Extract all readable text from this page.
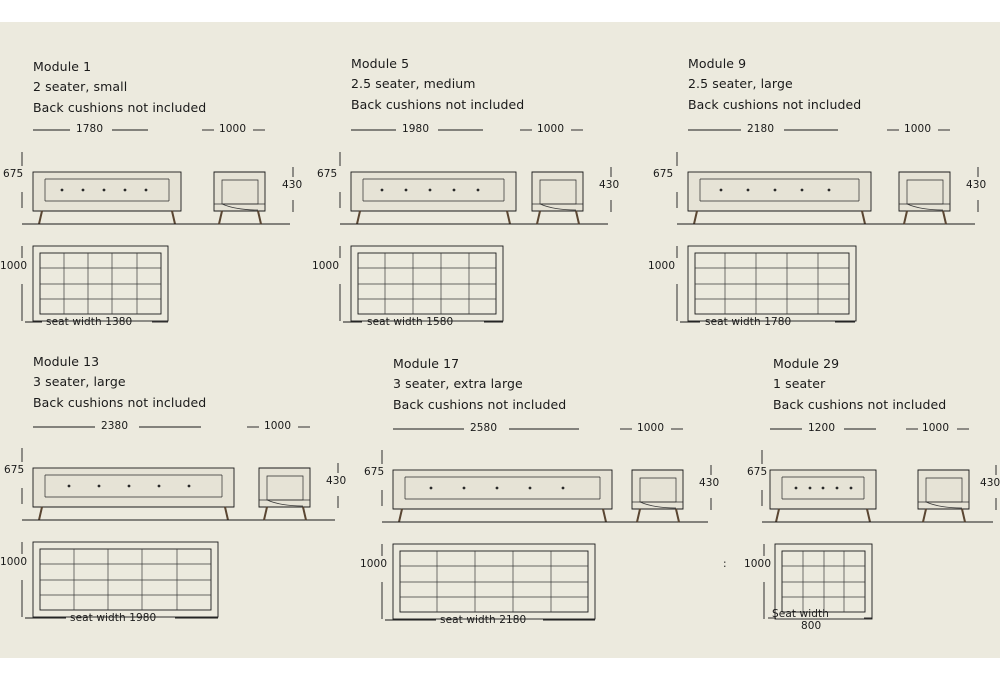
Module 1
2 seater, small
Back cushions not included
1780	1000
675
430
1000
seat width 1380
Module 5
2.5 seater, medium
Back cushions not included
1980	1000
675
430
1000
seat width 1580
Module 9
2.5 seater, large
Back cushions not included
2180	1000
675
430
1000
seat width 1780
Module 13
3 seater, large
Back cushions not included
2380	1000
675
430
1000
seat width 1980
Module 17
3 seater, extra large
Back cushions not included
2580	1000
675
430
1000
seat width 2180
Module 29
1 seater
Back cushions not included
1200	1000
675
430
1000
:
Seat width
800
